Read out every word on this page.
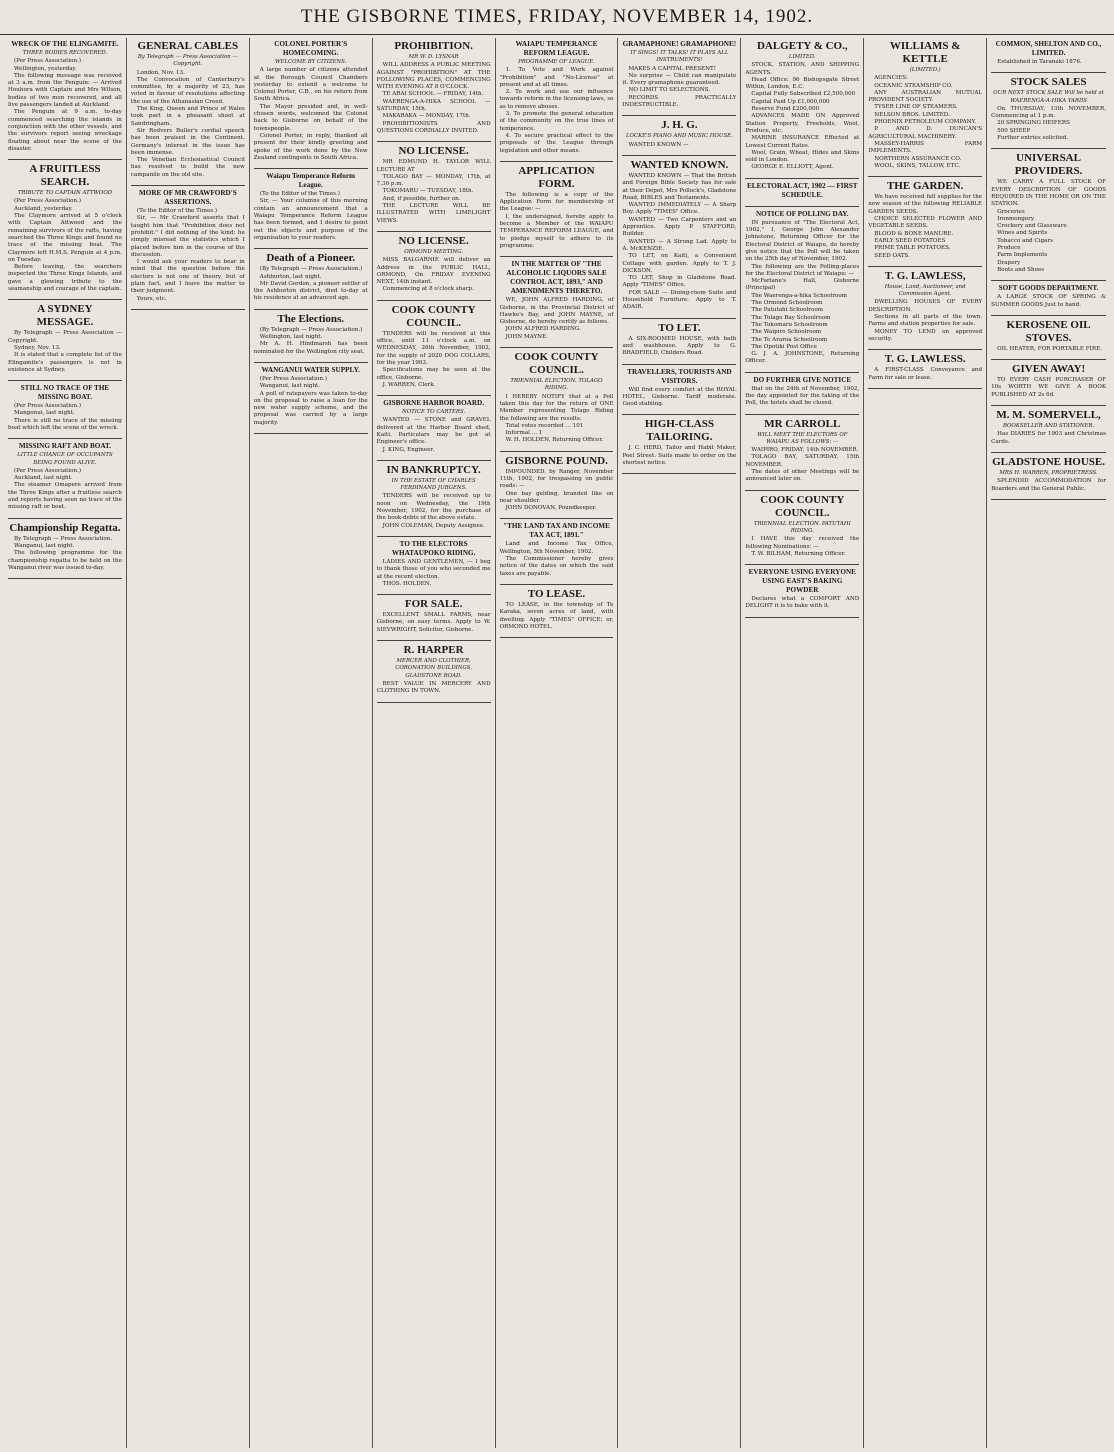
THE GISBORNE TIMES, FRIDAY, NOVEMBER 14, 1902.
WRECK OF THE ELINGAMITE.
THREE BODIES RECOVERED.
(Per Press Association.)
Wellington, yesterday.
The following message was received at 3 a.m. from the Penguin: — Arrived Houhora with Captain and Mrs Wilson, bodies of two men recovered, and all live passengers landed at Auckland.
The Penguin at 9 a.m. to-day commenced searching the islands in conjunction with the other vessels, and the survivors report seeing wreckage floating about near the scene of the disaster.
A FRUITLESS SEARCH.
TRIBUTE TO CAPTAIN ATTWOOD
(Per Press Association.)
Auckland, yesterday.
The Claymore arrived at 5 o'clock with Captain Attwood and the remaining survivors of the rafts, having searched the Three Kings and found no trace of the missing boat. The Claymore left H.M.S. Penguin at 4 p.m. on Tuesday.
Before leaving, the searchers inspected the Three Kings Islands, and gave a glowing tribute to the seamanship and courage of the captain.
A SYDNEY MESSAGE.
By Telegraph — Press Association — Copyright.
Sydney, Nov. 13.
It is stated that a complete list of the Elingamite's passengers is not in existence at Sydney.
STILL NO TRACE OF THE MISSING BOAT.
(Per Press Association.)
Mangonui, last night.
There is still no trace of the missing boat which left the scene of the wreck.
MISSING RAFT AND BOAT.
LITTLE CHANCE OF OCCUPANTS BEING FOUND ALIVE.
(Per Press Association.)
Auckland, last night.
The steamer Omapere arrived from the Three Kings after a fruitless search and reports having seen no trace of the missing raft or boat.
Championship Regatta.
By Telegraph — Press Association.
Wanganui, last night.
The following programme for the championship regatta to be held on the Wanganui river was issued to-day.
GENERAL CABLES
By Telegraph — Press Association — Copyright.
London, Nov. 13.
The Convocation of Canterbury's committee, by a majority of 23, has voted in favour of resolutions affecting the use of the Athanasian Creed.
The King, Queen and Prince of Wales took part in a pheasant shoot at Sandringham.
Sir Redvers Buller's cordial speech has been praised in the Continent. Germany's interest in the issue has been immense.
The Venetian Ecclesiastical Council has resolved to build the new campanile on the old site.
MORE OF MR CRAWFORD'S ASSERTIONS.
(To the Editor of the Times.)
Sir, — Mr Crawford asserts that I taught him that "Prohibition does not prohibit." I did nothing of the kind; he simply misread the statistics which I placed before him in the course of the discussion.
I would ask your readers to bear in mind that the question before the electors is not one of theory, but of plain fact, and I leave the matter to their judgment.
Yours, etc.
COLONEL PORTER'S HOMECOMING.
WELCOME BY CITIZENS.
A large number of citizens attended at the Borough Council Chambers yesterday to extend a welcome to Colonel Porter, C.B., on his return from South Africa.
The Mayor presided and, in well-chosen words, welcomed the Colonel back to Gisborne on behalf of the townspeople.
Colonel Porter, in reply, thanked all present for their kindly greeting and spoke of the work done by the New Zealand contingents in South Africa.
Waiapu Temperance Reform League.
(To the Editor of the Times.)
Sir, — Your columns of this morning contain an announcement that a Waiapu Temperance Reform League has been formed, and I desire to point out the objects and purpose of the organisation to your readers.
Death of a Pioneer.
(By Telegraph — Press Association.)
Ashburton, last night.
Mr David Gordon, a pioneer settler of the Ashburton district, died to-day at his residence at an advanced age.
The Elections.
(By Telegraph — Press Association.)
Wellington, last night.
Mr A. H. Hindmarsh has been nominated for the Wellington city seat.
WANGANUI WATER SUPPLY.
(Per Press Association.)
Wanganui, last night.
A poll of ratepayers was taken to-day on the proposal to raise a loan for the new water supply scheme, and the proposal was carried by a large majority.
PROHIBITION.
MR W. D. LYSNAR
WILL ADDRESS A PUBLIC MEETING AGAINST "PROHIBITION" AT THE FOLLOWING PLACES, COMMENCING WITH EVENING AT 8 O'CLOCK.
TE ARAI SCHOOL — FRIDAY, 14th.
WAERENGA-A-HIKA SCHOOL — SATURDAY, 15th.
MAKARAKA — MONDAY, 17th.
PROHIBITIONISTS AND QUESTIONS CORDIALLY INVITED.
NO LICENSE.
MR EDMUND H. TAYLOR WILL LECTURE AT
TOLAGO BAY — MONDAY, 17th, at 7.30 p.m.
TOKOMARU — TUESDAY, 18th.
And, if possible, further on.
THE LECTURE WILL BE ILLUSTRATED WITH LIMELIGHT VIEWS.
NO LICENSE.
ORMOND MEETING.
MISS BALGARNIE will deliver an Address in the PUBLIC HALL, ORMOND, On FRIDAY EVENING NEXT, 14th instant.
Commencing at 8 o'clock sharp.
COOK COUNTY COUNCIL.
TENDERS will be received at this office, until 11 o'clock a.m. on WEDNESDAY, 26th November, 1902, for the supply of 2020 DOG COLLARS, for the year 1903.
Specifications may be seen at the office, Gisborne.
J. WARREN, Clerk.
GISBORNE HARBOR BOARD.
NOTICE TO CARTERS.
WANTED — STONE and GRAVEL delivered at the Harbor Board shed, Kaiti. Particulars may be got at Engineer's office.
J. KING, Engineer.
IN BANKRUPTCY.
IN THE ESTATE OF CHARLES FERDINAND JURGENS.
TENDERS will be received up to noon on Wednesday, the 19th November, 1902, for the purchase of the book-debts of the above estate.
JOHN COLEMAN, Deputy Assignee.
TO THE ELECTORS WHATAUPOKO RIDING.
LADIES AND GENTLEMEN, — I beg to thank those of you who seconded me at the recent election.
THOS. HOLDEN.
FOR SALE.
EXCELLENT SMALL FARMS, near Gisborne, on easy terms. Apply to W. SIEVWRIGHT, Solicitor, Gisborne.
R. HARPER
MERCER AND CLOTHIER, CORONATION BUILDINGS, GLADSTONE ROAD.
BEST VALUE IN MERCERY AND CLOTHING IN TOWN.
WAIAPU TEMPERANCE REFORM LEAGUE.
PROGRAMME OF LEAGUE.
1. To Vote and Work against "Prohibition" and "No-License" at present and at all times.
2. To work and use our influence towards reform in the licensing laws, so as to remove abuses.
3. To promote the general education of the community on the true lines of temperance.
4. To secure practical effect to the proposals of the League through legislation and other means.
APPLICATION FORM.
The following is a copy of the Application Form for membership of the League: —
I, the undersigned, hereby apply to become a Member of the WAIAPU TEMPERANCE REFORM LEAGUE, and to pledge myself to adhere to its programme.
IN THE MATTER OF "THE ALCOHOLIC LIQUORS SALE CONTROL ACT, 1893," AND AMENDMENTS THERETO.
WE, JOHN ALFRED HARDING, of Gisborne, in the Provincial District of Hawke's Bay, and JOHN MAYNE, of Gisborne, do hereby certify as follows.
JOHN ALFRED HARDING.
JOHN MAYNE.
COOK COUNTY COUNCIL.
TRIENNIAL ELECTION. TOLAGO RIDING.
I HEREBY NOTIFY that at a Poll taken this day for the return of ONE Member representing Tolago Riding the following are the results.
Total votes recorded ... 101
Informal ... 1
W. H. HOLDEN, Returning Officer.
GISBORNE POUND.
IMPOUNDED, by Ranger, November 11th, 1902, for trespassing on public roads: —
One bay gelding, branded like on near shoulder.
JOHN DONOVAN, Poundkeeper.
"THE LAND TAX AND INCOME TAX ACT, 1891."
Land and Income Tax Office, Wellington, 5th November, 1902.
The Commissioner hereby gives notice of the dates on which the said taxes are payable.
TO LEASE.
TO LEASE, in the township of Te Karaka, seven acres of land, with dwelling. Apply "TIMES" OFFICE; or, ORMOND HOTEL.
GRAMAPHONE! GRAMAPHONE!
IT SINGS! IT TALKS! IT PLAYS ALL INSTRUMENTS!
MAKES A CAPITAL PRESENT!
No surprise — Child can manipulate it. Every gramaphone guaranteed.
NO LIMIT TO SELECTIONS.
RECORDS PRACTICALLY INDESTRUCTIBLE.
J. H. G.
LOCKE'S PIANO AND MUSIC HOUSE.
WANTED KNOWN —
WANTED KNOWN.
WANTED KNOWN — That the British and Foreign Bible Society has for sale at their Depot, Mrs Pollock's, Gladstone Road, BIBLES and Testaments.
WANTED IMMEDIATELY — A Sharp Boy. Apply "TIMES" Office.
WANTED — Two Carpenters and an Apprentice. Apply P. STAFFORD, Builder.
WANTED — A Strong Lad. Apply to A. McKENZIE.
TO LET, on Kaiti, a Convenient Cottage with garden. Apply to T. J. DICKSON.
TO LET, Shop in Gladstone Road. Apply "TIMES" Office.
FOR SALE — Dining-room Suite and Household Furniture. Apply to T. ADAIR.
TO LET.
A SIX-ROOMED HOUSE, with bath and washhouse. Apply to G. BRADFIELD, Childers Road.
TRAVELLERS, TOURISTS AND VISITORS.
Will find every comfort at the ROYAL HOTEL, Gisborne. Tariff moderate. Good stabling.
HIGH-CLASS TAILORING.
J. C. HERD, Tailor and Habit Maker, Peel Street. Suits made to order on the shortest notice.
DALGETY & CO.,
LIMITED.
STOCK, STATION, AND SHIPPING AGENTS.
Head Office: 96 Bishopsgate Street Within, London, E.C.
Capital Fully Subscribed £2,500,000
Capital Paid Up £1,000,000
Reserve Fund £200,000
ADVANCES MADE ON Approved Station Property, Freeholds, Wool, Produce, etc.
MARINE INSURANCE Effected at Lowest Current Rates.
Wool, Grain, Wheat, Hides and Skins sold in London.
GEORGE E. ELLIOTT, Agent.
ELECTORAL ACT, 1902 — FIRST SCHEDULE.
NOTICE OF POLLING DAY.
IN pursuance of "The Electoral Act, 1902," I, George John Alexander Johnstone, Returning Officer for the Electoral District of Waiapu, do hereby give notice that the Poll will be taken on the 25th day of November, 1902.
The following are the Polling-places for the Electoral District of Waiapu: —
McFarlane's Hall, Gisborne (Principal)
The Waerenga-a-hika Schoolroom
The Ormond Schoolroom
The Patutahi Schoolroom
The Tolago Bay Schoolroom
The Tokomaru Schoolroom
The Waipiro Schoolroom
The Te Araroa Schoolroom
The Opotiki Post Office
G. J. A. JOHNSTONE, Returning Officer.
DO FURTHER GIVE NOTICE
that on the 24th of November, 1902, the day appointed for the taking of the Poll, the hotels shall be closed.
MR CARROLL
WILL MEET THE ELECTORS OF WAIAPU AS FOLLOWS: —
WAIPIRO, FRIDAY, 14th NOVEMBER.
TOLAGO BAY, SATURDAY, 15th NOVEMBER.
The dates of other Meetings will be announced later on.
COOK COUNTY COUNCIL.
TRIENNIAL ELECTION. PATUTAHI RIDING.
I HAVE this day received the following Nominations: —
T. W. BILHAM, Returning Officer.
EVERYONE USING EVERYONE USING EAST'S BAKING POWDER
Declares what a COMFORT AND DELIGHT it is to bake with it.
WILLIAMS & KETTLE
(LIMITED.)
AGENCIES:
OCEANIC STEAMSHIP CO.
ANY AUSTRALIAN MUTUAL PROVIDENT SOCIETY.
TYSER LINE OF STEAMERS.
NELSON BROS. LIMITED.
PHOENIX PETROLEUM COMPANY.
P. AND D. DUNCAN'S AGRICULTURAL MACHINERY.
MASSEY-HARRIS FARM IMPLEMENTS.
NORTHERN ASSURANCE CO.
WOOL, SKINS, TALLOW, ETC.
THE GARDEN.
We have received full supplies for the new season of the following RELIABLE GARDEN SEEDS.
CHOICE SELECTED FLOWER AND VEGETABLE SEEDS.
BLOOD & BONE MANURE.
EARLY SEED POTATOES
PRIME TABLE POTATOES.
SEED OATS.
T. G. LAWLESS,
House, Land, Auctioneer, and Commission Agent.
DWELLING HOUSES OF EVERY DESCRIPTION.
Sections in all parts of the town. Farms and station properties for sale.
MONEY TO LEND on approved security.
T. G. LAWLESS.
A FIRST-CLASS Conveyance and Farm for sale or lease.
COMMON, SHELTON AND CO., LIMITED.
Established in Taranaki 1876.
STOCK SALES
OUR NEXT STOCK SALE Will be held at WAERENGA-A-HIKA YARDS
On THURSDAY, 13th NOVEMBER, Commencing at 1 p.m.
20 SPRINGING HEIFERS
500 SHEEP
Further entries solicited.
UNIVERSAL PROVIDERS.
WE CARRY A FULL STOCK OF EVERY DESCRIPTION OF GOODS REQUIRED IN THE HOME OR ON THE STATION.
Groceries
Ironmongery
Crockery and Glassware
Wines and Spirits
Tobacco and Cigars
Produce
Farm Implements
Drapery
Boots and Shoes
SOFT GOODS DEPARTMENT.
A LARGE STOCK OF SPRING & SUMMER GOODS Just to hand.
KEROSENE OIL STOVES.
OIL HEATER, FOR PORTABLE FIRE.
GIVEN AWAY!
TO EVERY CASH PURCHASER OF 10s WORTH WE GIVE A BOOK PUBLISHED AT 2s 6d.
M. M. SOMERVELL,
BOOKSELLER AND STATIONER.
Has DIARIES for 1903 and Christmas Cards.
GLADSTONE HOUSE.
MRS H. WARREN, PROPRIETRESS.
SPLENDID ACCOMMODATION for Boarders and the General Public.
